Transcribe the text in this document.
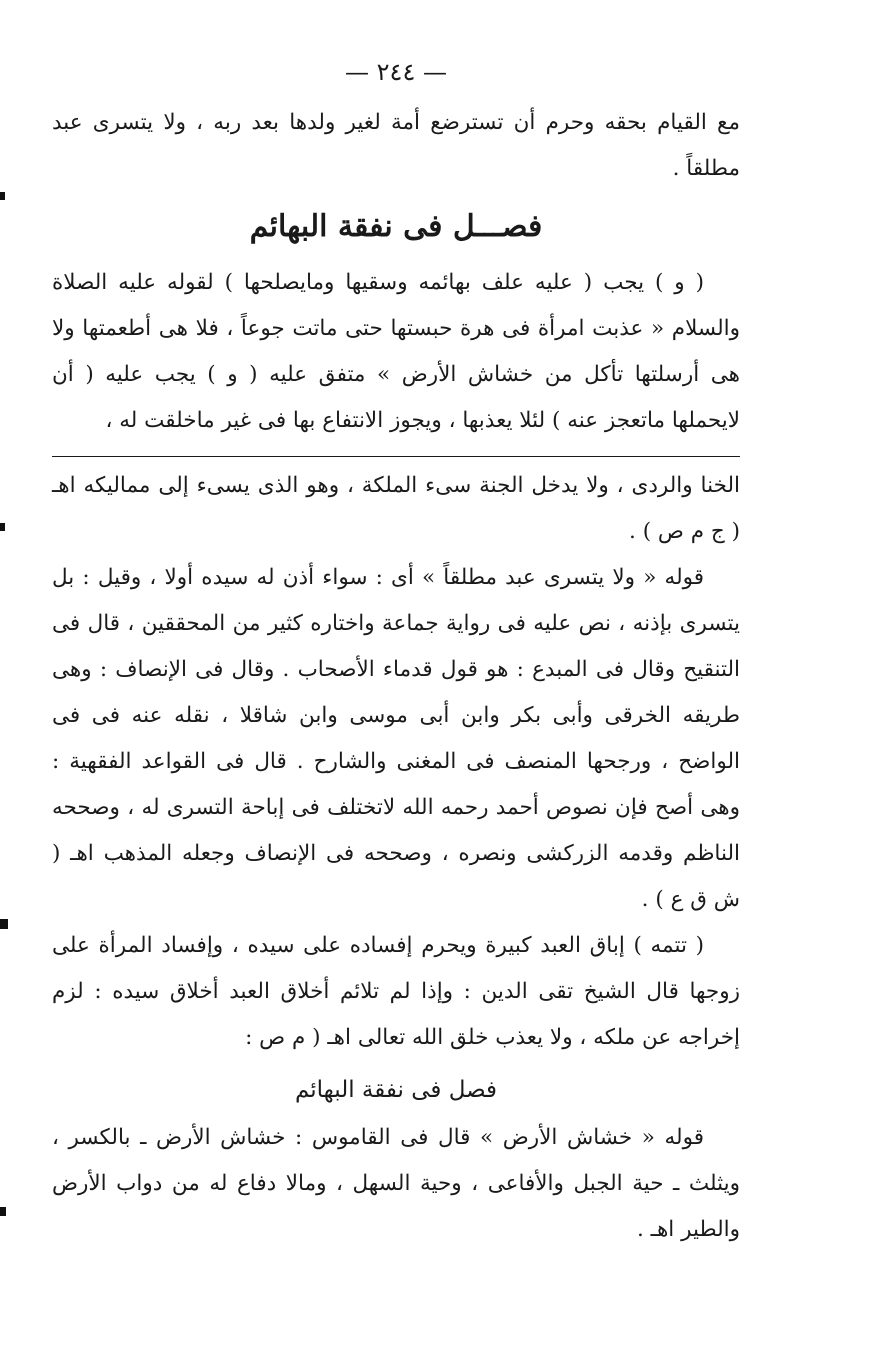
— ٢٤٤ —

مع القيام بحقه وحرم أن تسترضع أمة لغير ولدها بعد ربه ، ولا يتسرى عبد مطلقاً .

فصـــل فى نفقة البهائم

( و ) يجب ( عليه علف بهائمه وسقيها ومايصلحها ) لقوله عليه الصلاة والسلام « عذبت امرأة فى هرة حبستها حتى ماتت جوعاً ، فلا هى أطعمتها ولا هى أرسلتها تأكل من خشاش الأرض » متفق عليه ( و ) يجب عليه ( أن لايحملها ماتعجز عنه ) لئلا يعذبها ، ويجوز الانتفاع بها فى غير ماخلقت له ،

الخنا والردى ، ولا يدخل الجنة سىء الملكة ، وهو الذى يسىء إلى مماليكه اهـ ( ج م ص ) .

قوله « ولا يتسرى عبد مطلقاً » أى : سواء أذن له سيده أولا ، وقيل : بل يتسرى بإذنه ، نص عليه فى رواية جماعة واختاره كثير من المحققين ، قال فى التنقيح وقال فى المبدع : هو قول قدماء الأصحاب . وقال فى الإنصاف : وهى طريقه الخرقى وأبى بكر وابن أبى موسى وابن شاقلا ، نقله عنه فى فى الواضح ، ورجحها المنصف فى المغنى والشارح . قال فى القواعد الفقهية : وهى أصح فإن نصوص أحمد رحمه الله لاتختلف فى إباحة التسرى له ، وصححه الناظم وقدمه الزركشى ونصره ، وصححه فى الإنصاف وجعله المذهب اهـ ( ش ق ع ) .

( تتمه ) إباق العبد كبيرة ويحرم إفساده على سيده ، وإفساد المرأة على زوجها قال الشيخ تقى الدين : وإذا لم تلائم أخلاق العبد أخلاق سيده : لزم إخراجه عن ملكه ، ولا يعذب خلق الله تعالى اهـ ( م ص :

فصل فى نفقة البهائم

قوله « خشاش الأرض » قال فى القاموس : خشاش الأرض ـ بالكسر ، ويثلث ـ حية الجبل والأفاعى ، وحية السهل ، ومالا دفاع له من دواب الأرض والطير اهـ .
